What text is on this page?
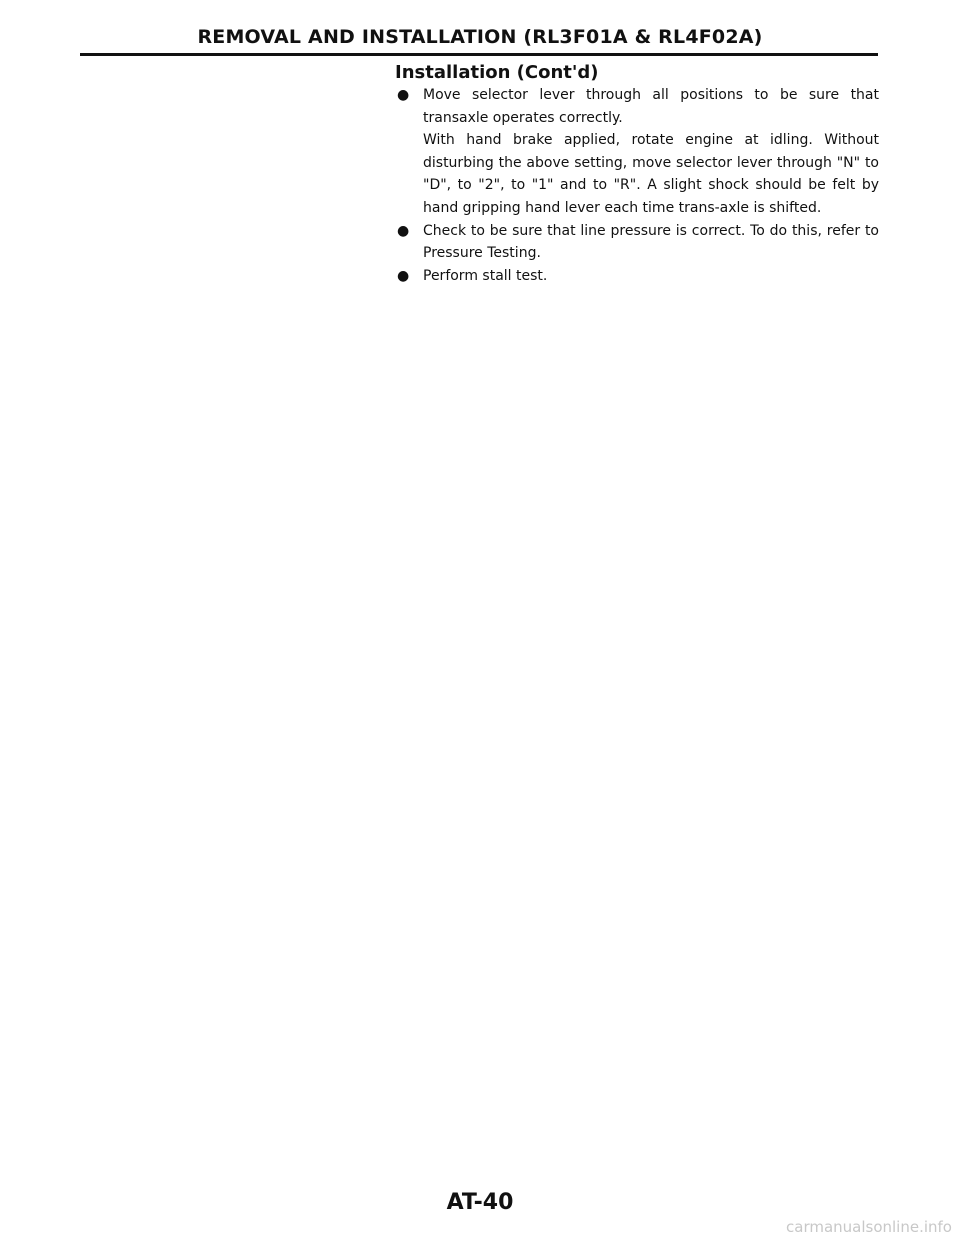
REMOVAL AND INSTALLATION (RL3F01A & RL4F02A)
Installation (Cont'd)

● Move selector lever through all positions to be sure that transaxle operates correctly.

With hand brake applied, rotate engine at idling. Without disturbing the above setting, move selector lever through "N" to "D", to "2", to "1" and to "R". A slight shock should be felt by hand gripping hand lever each time trans-axle is shifted.

● Check to be sure that line pressure is correct. To do this, refer to Pressure Testing.

● Perform stall test.

AT-40
carmanualsonline.info
